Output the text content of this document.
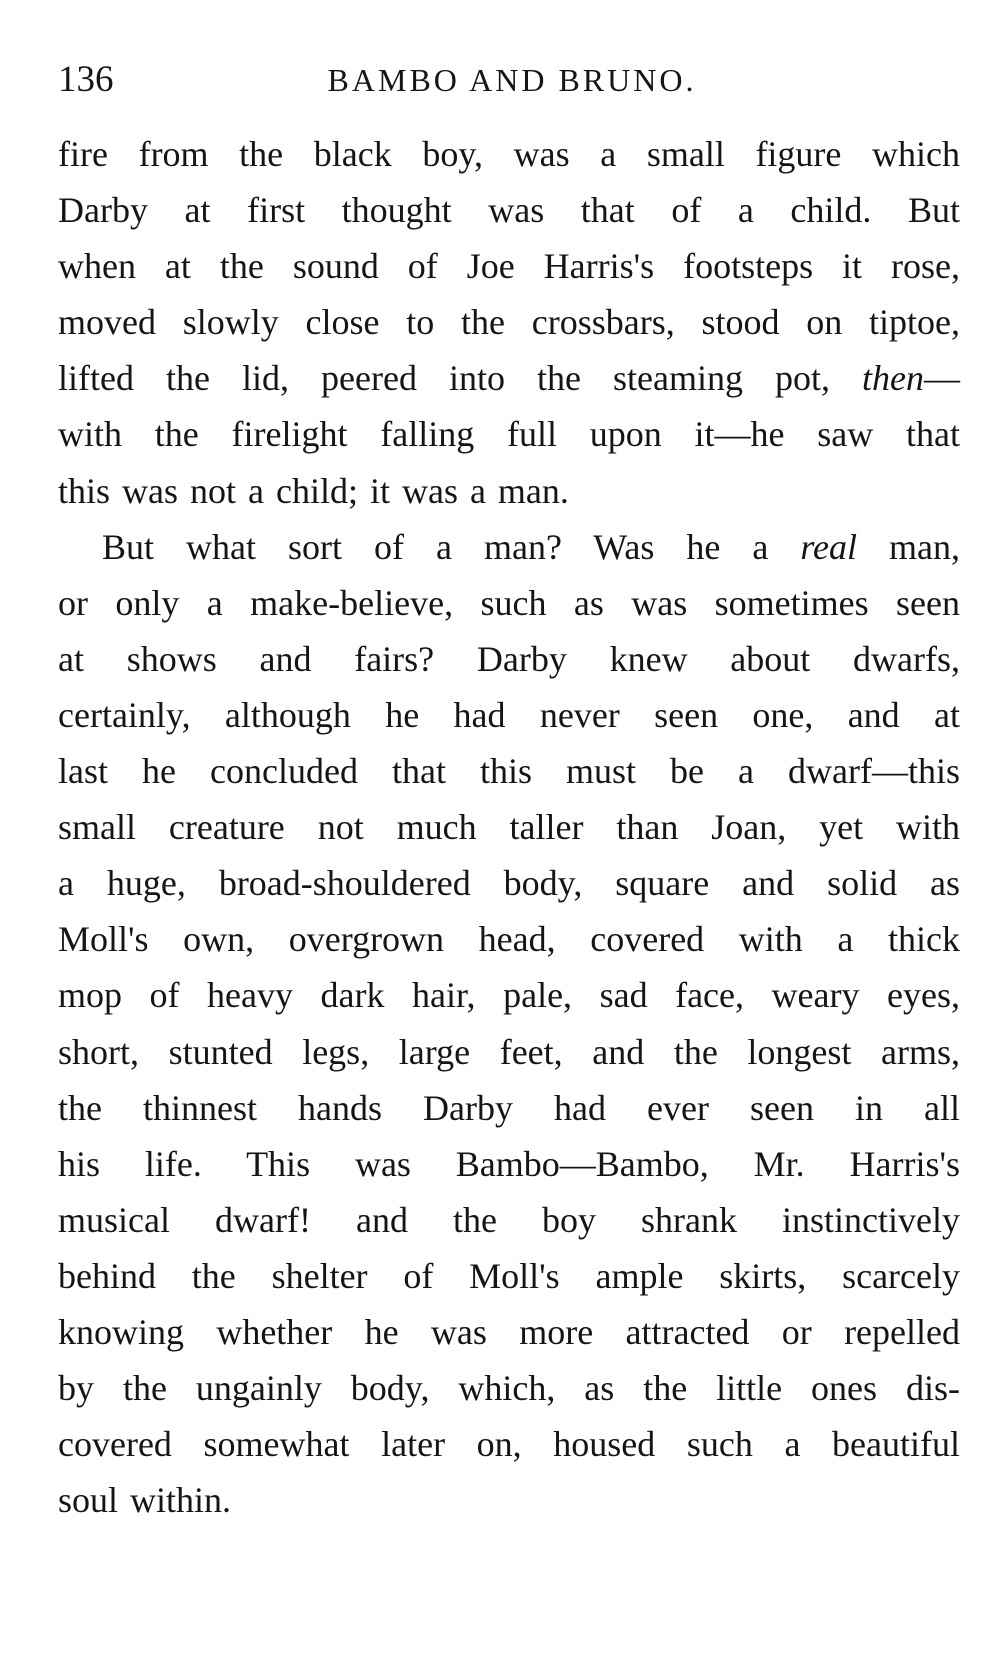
136	BAMBO AND BRUNO.
fire from the black boy, was a small figure which
Darby at first thought was that of a child. But
when at the sound of Joe Harris's footsteps it rose,
moved slowly close to the crossbars, stood on tiptoe,
lifted the lid, peered into the steaming pot, then—
with the firelight falling full upon it—he saw that
this was not a child; it was a man.
But what sort of a man? Was he a real man,
or only a make-believe, such as was sometimes seen
at shows and fairs? Darby knew about dwarfs,
certainly, although he had never seen one, and at
last he concluded that this must be a dwarf—this
small creature not much taller than Joan, yet with
a huge, broad-shouldered body, square and solid as
Moll's own, overgrown head, covered with a thick
mop of heavy dark hair, pale, sad face, weary eyes,
short, stunted legs, large feet, and the longest arms,
the thinnest hands Darby had ever seen in all
his life. This was Bambo—Bambo, Mr. Harris's
musical dwarf! and the boy shrank instinctively
behind the shelter of Moll's ample skirts, scarcely
knowing whether he was more attracted or repelled
by the ungainly body, which, as the little ones dis-
covered somewhat later on, housed such a beautiful
soul within.
